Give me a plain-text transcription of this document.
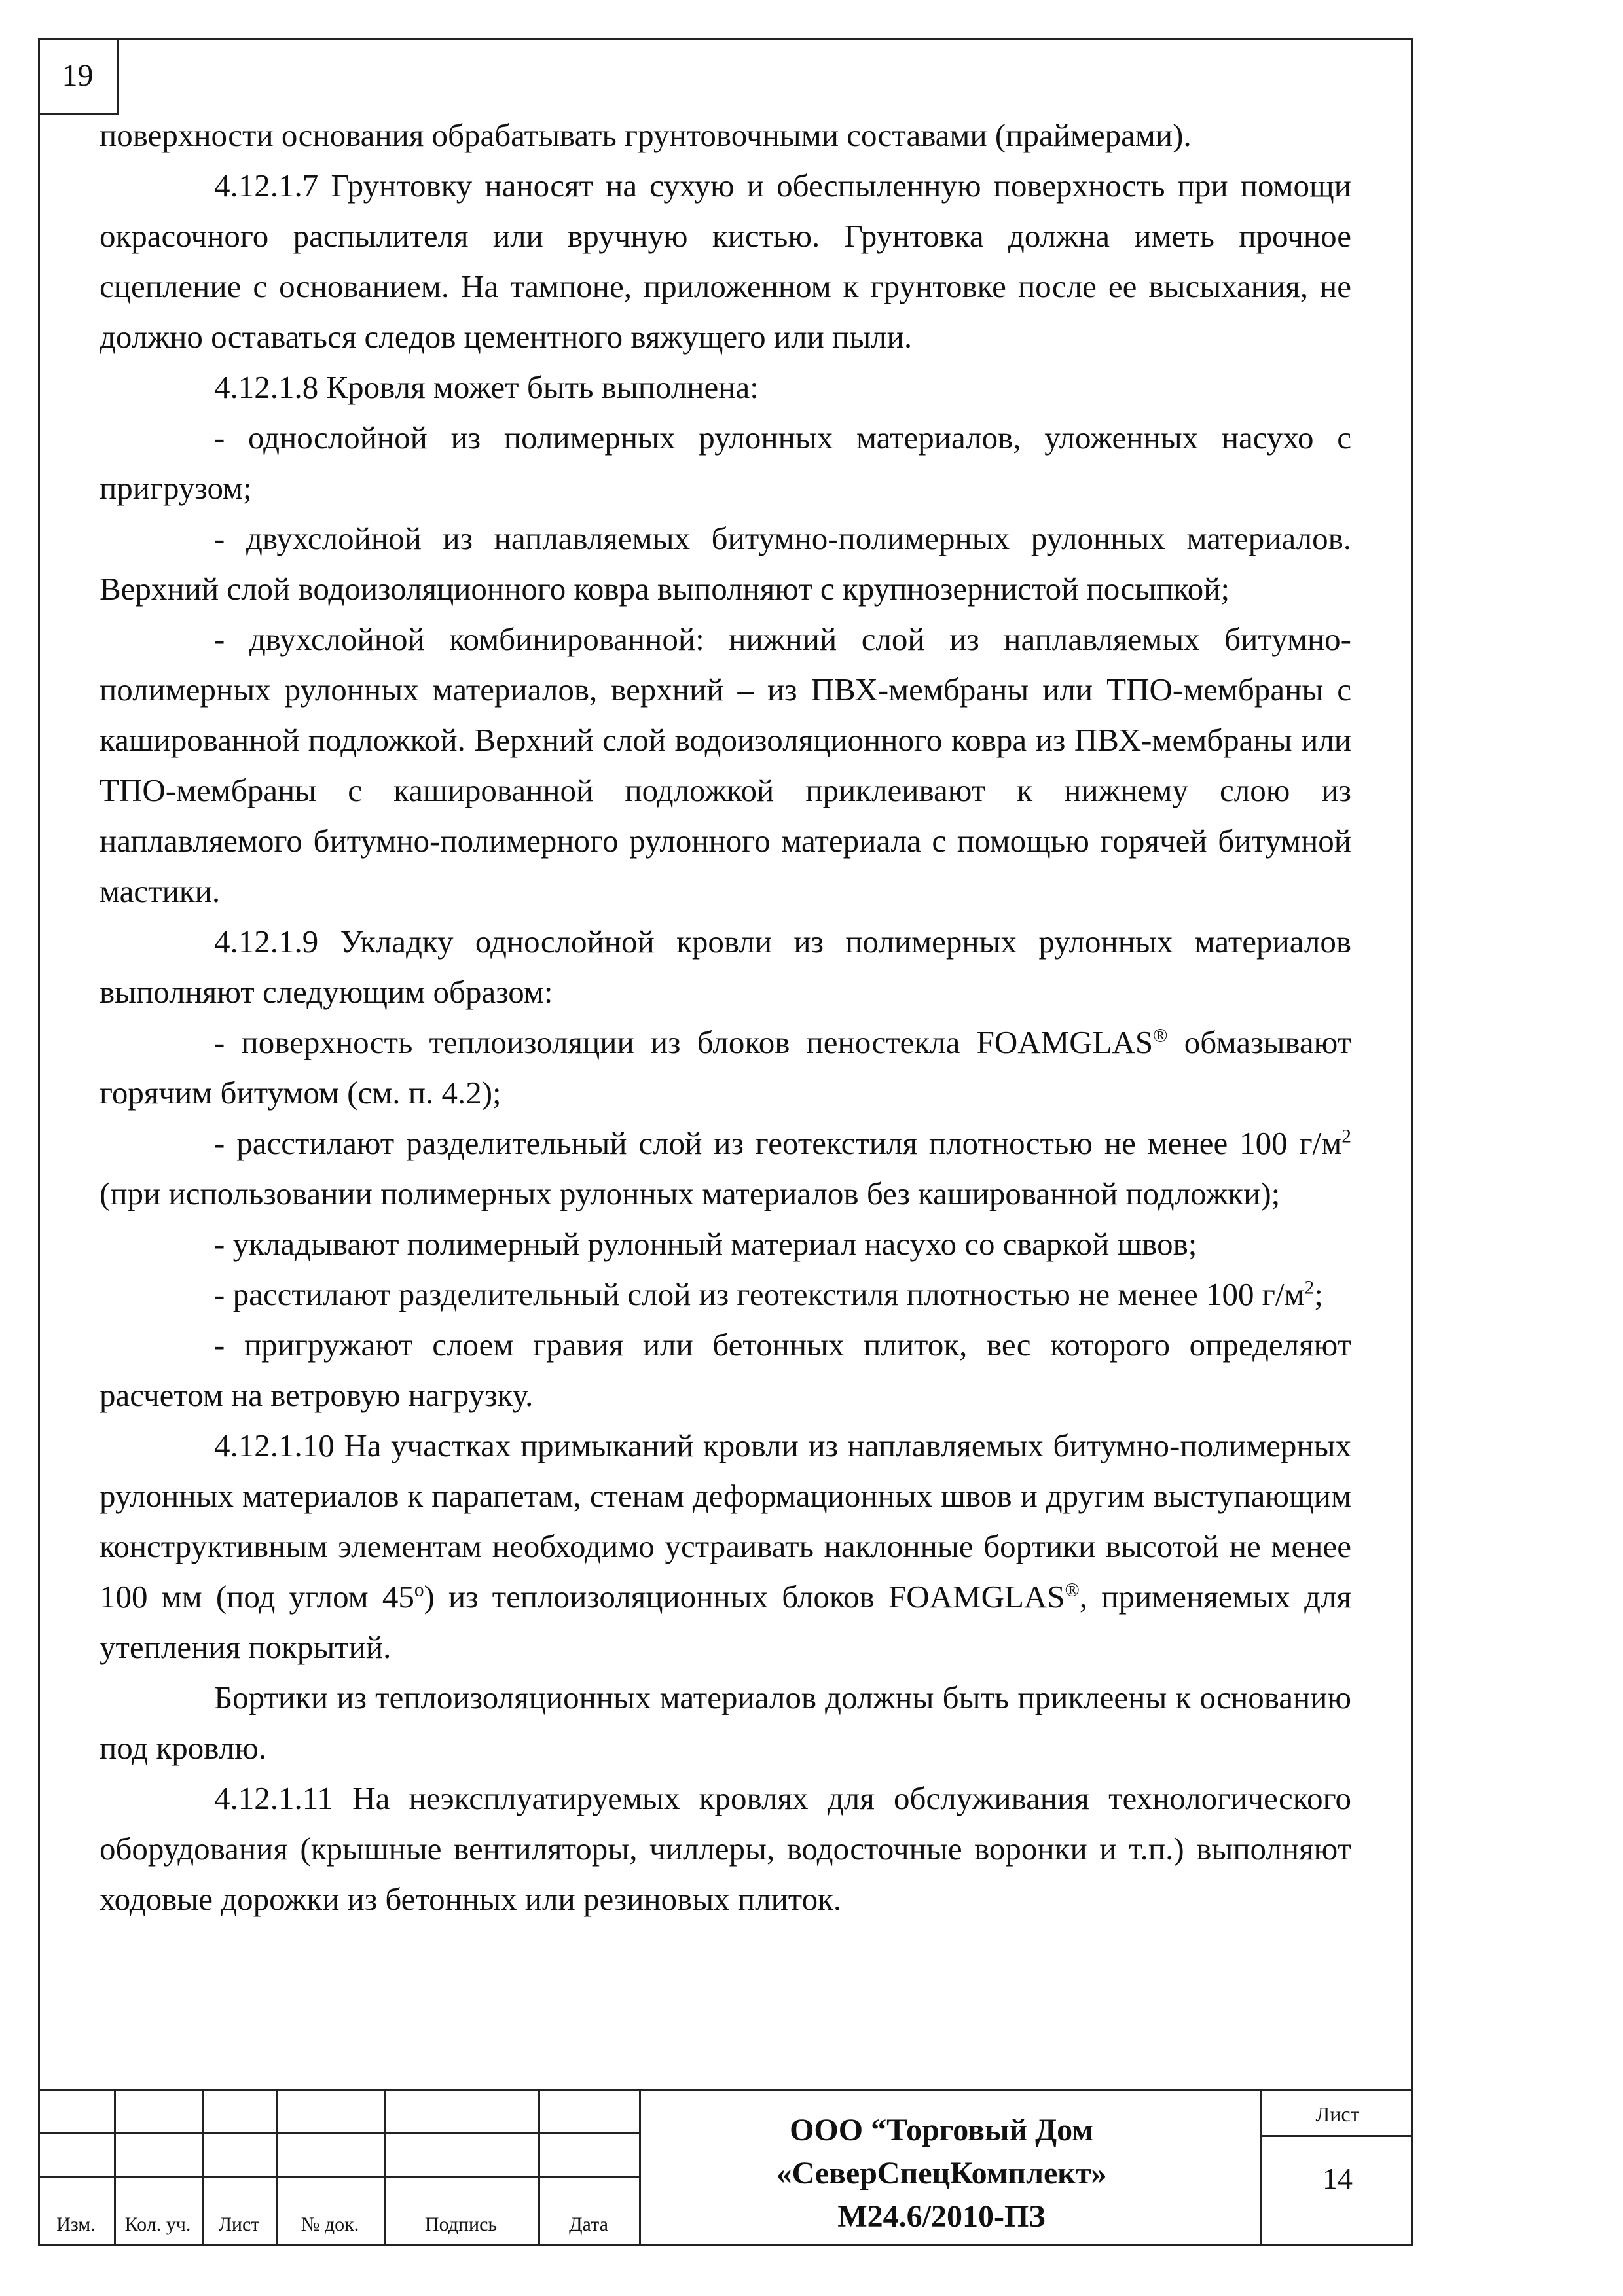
19

поверхности основания обрабатывать грунтовочными составами (праймерами).

4.12.1.7 Грунтовку наносят на сухую и обеспыленную поверхность при помощи окрасочного распылителя или вручную кистью. Грунтовка должна иметь прочное сцепление с основанием. На тампоне, приложенном к грунтовке после ее высыхания, не должно оставаться следов цементного вяжущего или пыли.

4.12.1.8 Кровля может быть выполнена:

- однослойной из полимерных рулонных материалов, уложенных насухо с пригрузом;

- двухслойной из наплавляемых битумно-полимерных рулонных материалов. Верхний слой водоизоляционного ковра выполняют с крупнозернистой посыпкой;

- двухслойной комбинированной: нижний слой из наплавляемых битумно-полимерных рулонных материалов, верхний – из ПВХ-мембраны или ТПО-мембраны с кашированной подложкой. Верхний слой водоизоляционного ковра из ПВХ-мембраны или ТПО-мембраны с кашированной подложкой приклеивают к нижнему слою из наплавляемого битумно-полимерного рулонного материала с помощью горячей битумной мастики.

4.12.1.9 Укладку однослойной кровли из полимерных рулонных материалов выполняют следующим образом:

- поверхность теплоизоляции из блоков пеностекла FOAMGLAS® обмазывают горячим битумом (см. п. 4.2);

- расстилают разделительный слой из геотекстиля плотностью не менее 100 $г/м^2$ (при использовании полимерных рулонных материалов без кашированной подложки);

- укладывают полимерный рулонный материал насухо со сваркой швов;

- расстилают разделительный слой из геотекстиля плотностью не менее 100 $г/м^2$;

- пригружают слоем гравия или бетонных плиток, вес которого определяют расчетом на ветровую нагрузку.

4.12.1.10 На участках примыканий кровли из наплавляемых битумно-полимерных рулонных материалов к парапетам, стенам деформационных швов и другим выступающим конструктивным элементам необходимо устраивать наклонные бортики высотой не менее 100 мм (под углом $45^о$) из теплоизоляционных блоков FOAMGLAS®, применяемых для утепления покрытий.

Бортики из теплоизоляционных материалов должны быть приклеены к основанию под кровлю.

4.12.1.11 На неэксплуатируемых кровлях для обслуживания технологического оборудования (крышные вентиляторы, чиллеры, водосточные воронки и т.п.) выполняют ходовые дорожки из бетонных или резиновых плиток.

Изм.	Кол. уч.	Лист	№ док.	Подпись	Дата
ООО “Торговый Дом
«СеверСпецКомплект»
М24.6/2010-ПЗ
Лист
14
